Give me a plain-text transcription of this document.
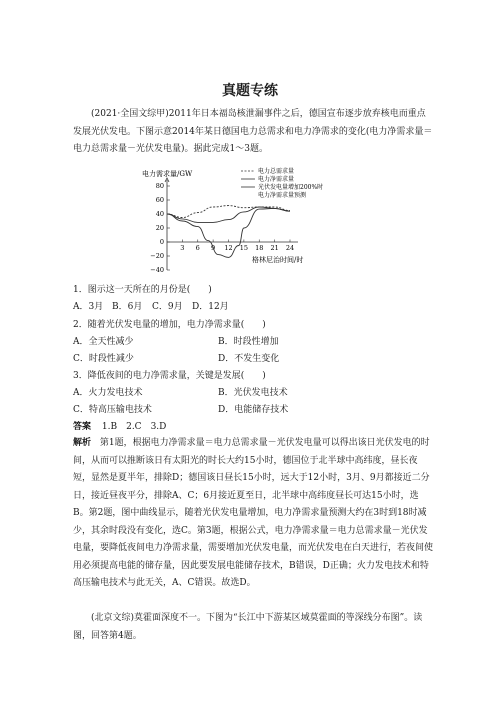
真题专练
(2021·全国文综甲)2011年日本福岛核泄漏事件之后，德国宣布逐步放弃核电而重点发展光伏发电。下图示意2014年某日德国电力总需求和电力净需求的变化(电力净需求量＝电力总需求量－光伏发电量)。据此完成1～3题。
电力需求量/GW
80
60
40
20
0
−20
−40
3 6 9 12 15 18 21 24
电力总需求量
电力净需求量
光伏发电量增加200%时
电力净需求量预测
格林尼治时间/时
1．图示这一天所在的月份是(　　)
A．3月 B．6月 C．9月 D．12月
2．随着光伏发电量的增加，电力净需求量(　　)
A．全天性减少	B．时段性增加
C．时段性减少	D．不发生变化
3．降低夜间的电力净需求量，关键是发展(　　)
A．火力发电技术	B．光伏发电技术
C．特高压输电技术	D．电能储存技术
答案 1.B　2.C　3.D
解析 第1题，根据电力净需求量＝电力总需求量－光伏发电量可以得出该日光伏发电的时间，从而可以推断该日有太阳光的时长大约15小时，德国位于北半球中高纬度，昼长夜短，显然是夏半年，排除D；德国该日昼长15小时，远大于12小时，3月、9月都接近二分日，接近昼夜平分，排除A、C；6月接近夏至日，北半球中高纬度昼长可达15小时，选B。第2题，图中曲线显示，随着光伏发电量增加，电力净需求量预测大约在3时到18时减少，其余时段没有变化，选C。第3题，根据公式，电力净需求量＝电力总需求量－光伏发电量，要降低夜间电力净需求量，需要增加光伏发电量，而光伏发电在白天进行，若夜间使用必须提高电能的储存量，因此要发展电能储存技术，B错误，D正确；火力发电技术和特高压输电技术与此无关，A、C错误。故选D。
(北京文综)莫霍面深度不一。下图为“长江中下游某区域莫霍面的等深线分布图”。读图，回答第4题。
